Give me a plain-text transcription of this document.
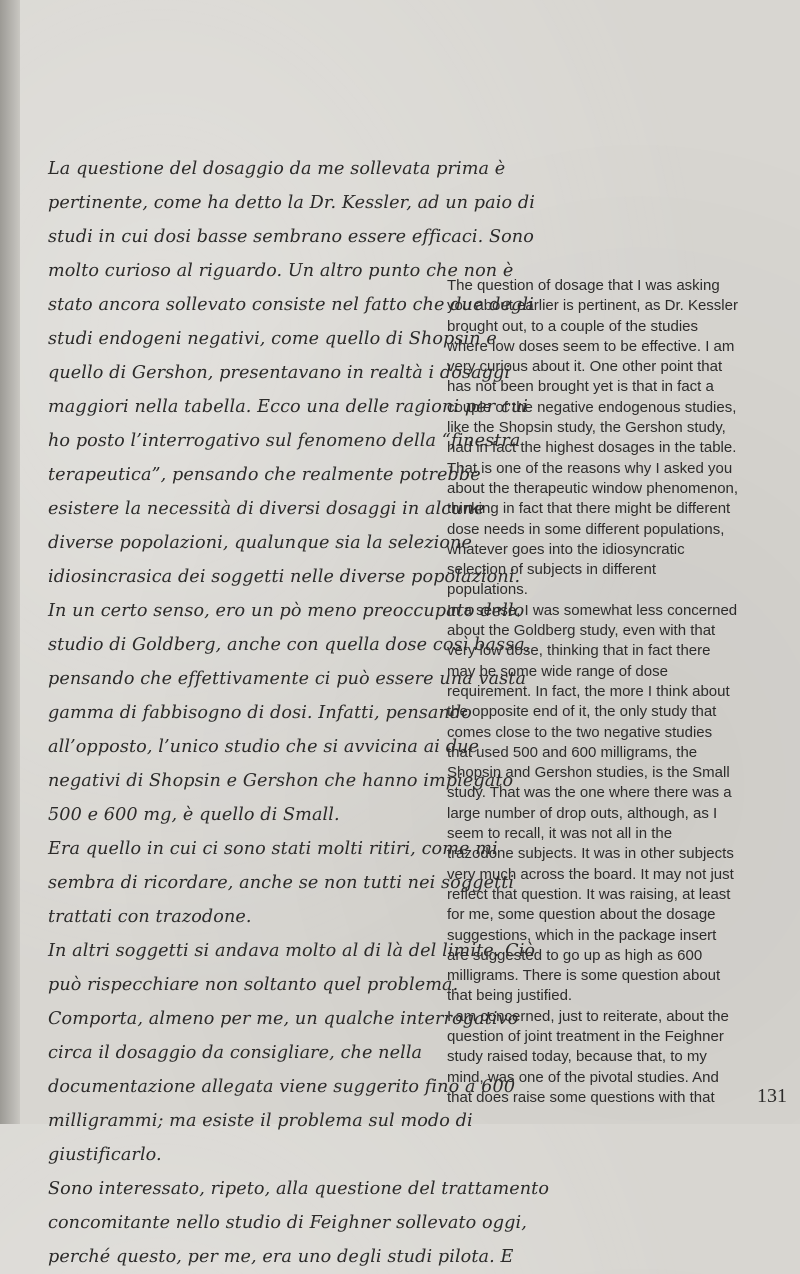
La questione del dosaggio da me sollevata prima è
pertinente, come ha detto la Dr. Kessler, ad un paio di
studi in cui dosi basse sembrano essere efficaci. Sono
molto curioso al riguardo. Un altro punto che non è
stato ancora sollevato consiste nel fatto che due degli
studi endogeni negativi, come quello di Shopsin e
quello di Gershon, presentavano in realtà i dosaggi
maggiori nella tabella. Ecco una delle ragioni per cui
ho posto l’interrogativo sul fenomeno della “finestra
terapeutica”, pensando che realmente potrebbe
esistere la necessità di diversi dosaggi in alcune
diverse popolazioni, qualunque sia la selezione
idiosincrasica dei soggetti nelle diverse popolazioni.
In un certo senso, ero un pò meno preoccupato dello
studio di Goldberg, anche con quella dose così bassa,
pensando che effettivamente ci può essere una vasta
gamma di fabbisogno di dosi. Infatti, pensando
all’opposto, l’unico studio che si avvicina ai due
negativi di Shopsin e Gershon che hanno impiegato
500 e 600 mg, è quello di Small.
Era quello in cui ci sono stati molti ritiri, come mi
sembra di ricordare, anche se non tutti nei soggetti
trattati con trazodone.
In altri soggetti si andava molto al di là del limite. Ciò
può rispecchiare non soltanto quel problema.
Comporta, almeno per me, un qualche interrogativo
circa il dosaggio da consigliare, che nella
documentazione allegata viene suggerito fino a 600
milligrammi; ma esiste il problema sul modo di
giustificarlo.
Sono interessato, ripeto, alla questione del trattamento
concomitante nello studio di Feighner sollevato oggi,
perché questo, per me, era uno degli studi pilota. E
The question of dosage that I was asking
you about earlier is pertinent, as Dr. Kessler
brought out, to a couple of the studies
where low doses seem to be effective. I am
very curious about it. One other point that
has not been brought yet is that in fact a
couple of the negative endogenous studies,
like the Shopsin study, the Gershon study,
had in fact the highest dosages in the table.
That is one of the reasons why I asked you
about the therapeutic window phenomenon,
thinking in fact that there might be different
dose needs in some different populations,
whatever goes into the idiosyncratic
selection of subjects in different
populations.
In a sense, I was somewhat less concerned
about the Goldberg study, even with that
very low dose, thinking that in fact there
may be some wide range of dose
requirement. In fact, the more I think about
the opposite end of it, the only study that
comes close to the two negative studies
that used 500 and 600 milligrams, the
Shopsin and Gershon studies, is the Small
study. That was the one where there was a
large number of drop outs, although, as I
seem to recall, it was not all in the
trazodone subjects. It was in other subjects
very much across the board. It may not just
reflect that question. It was raising, at least
for me, some question about the dosage
suggestions, which in the package insert
are suggested to go up as high as 600
milligrams. There is some question about
that being justified.
I am concerned, just to reiterate, about the
question of joint treatment in the Feighner
study raised today, because that, to my
mind, was one of the pivotal studies. And
that does raise some questions with that	131
